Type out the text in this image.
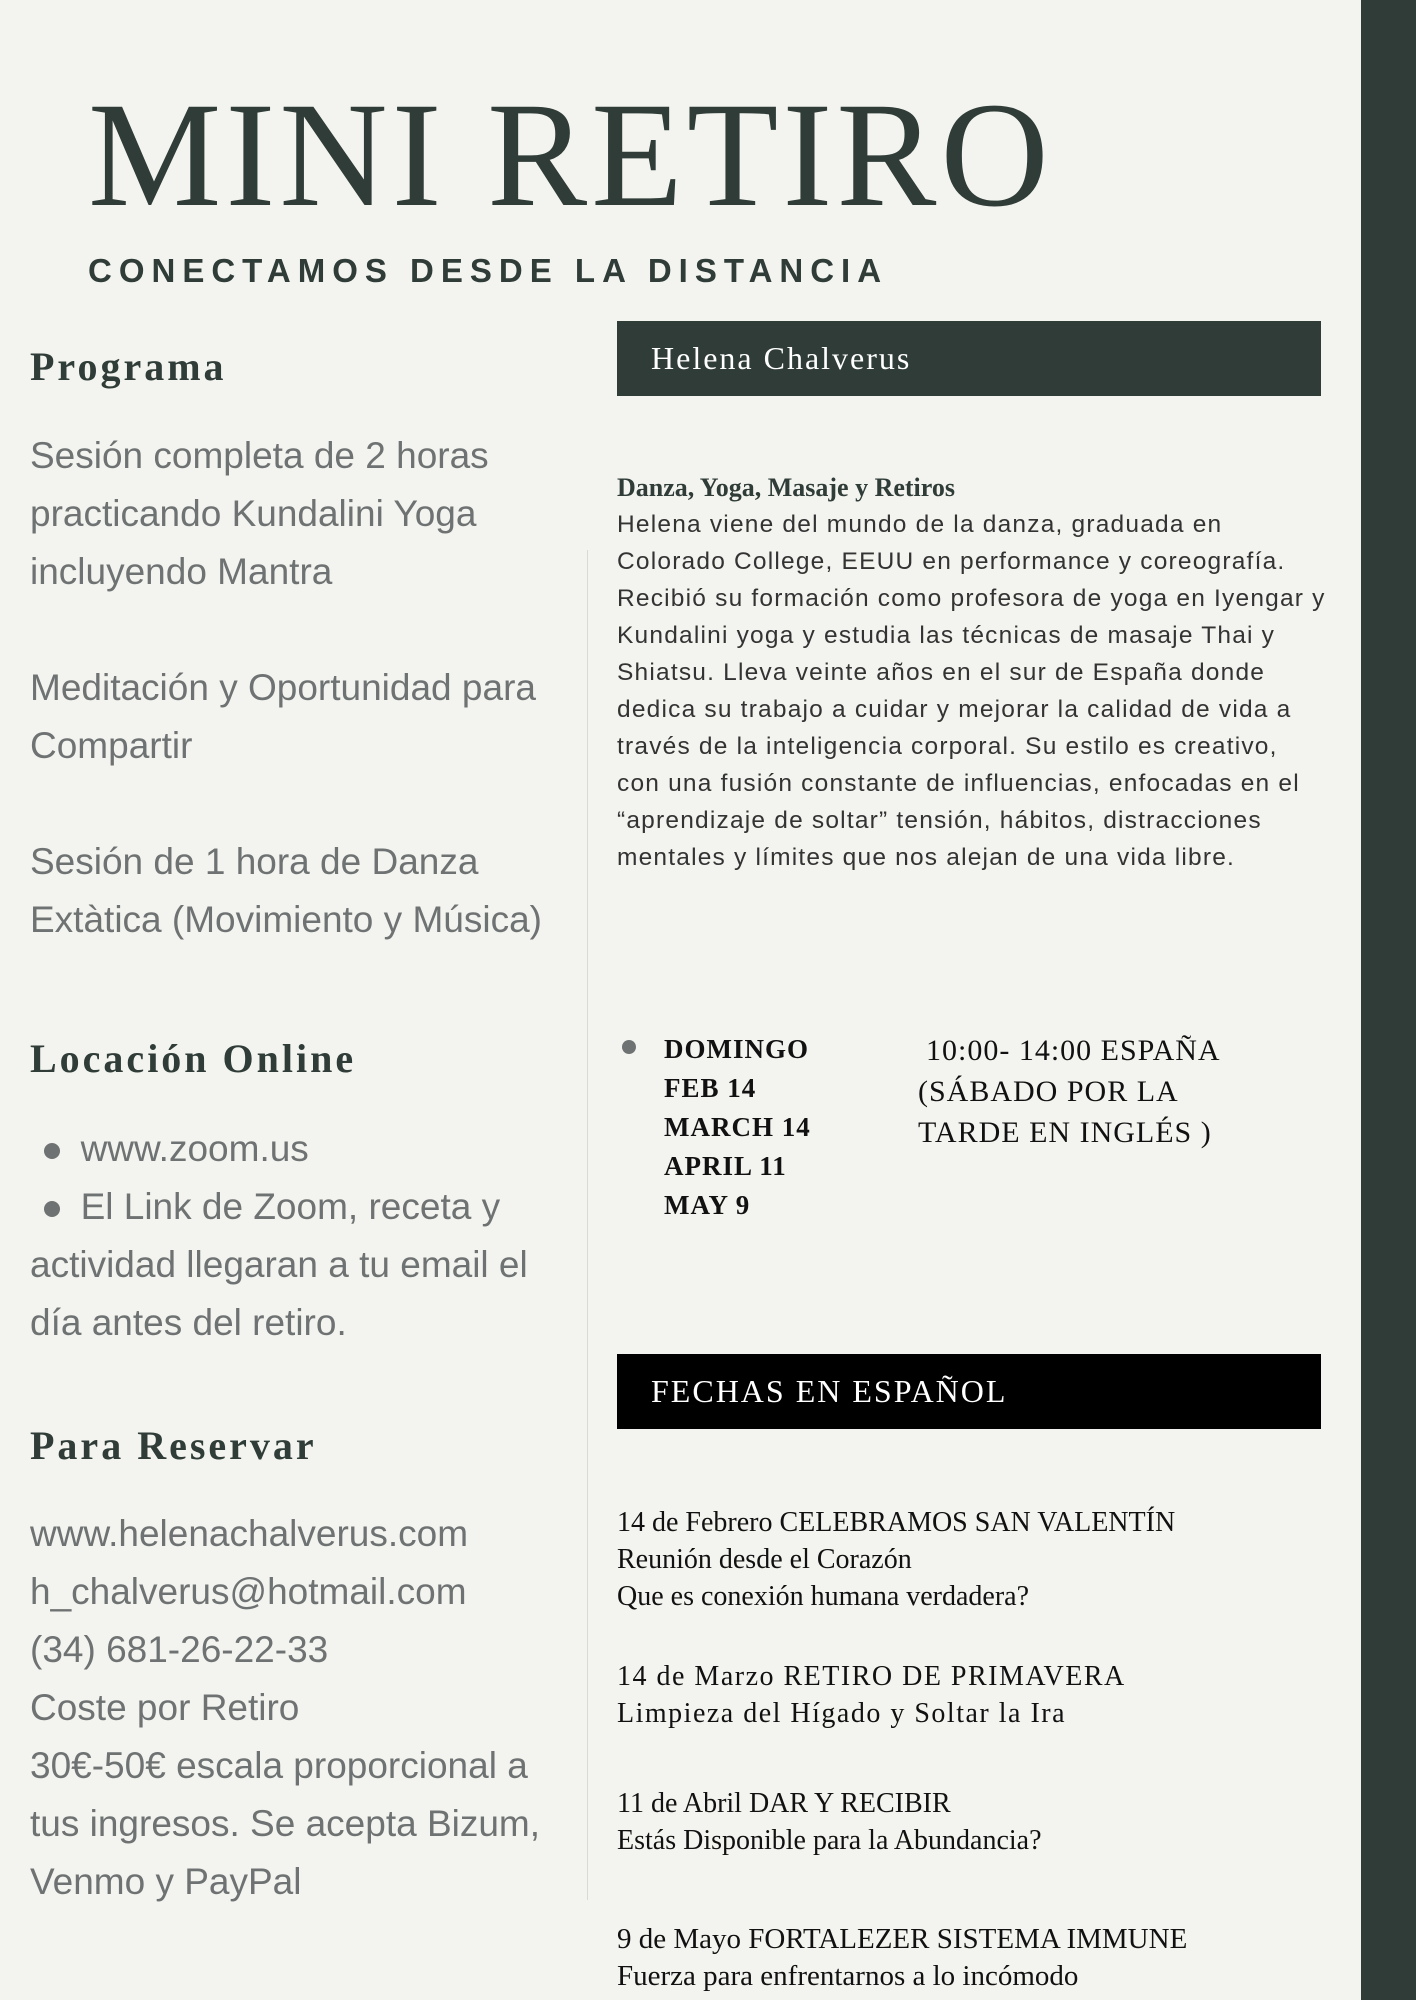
MINI RETIRO
CONECTAMOS DESDE LA DISTANCIA
Programa

Sesión completa de 2 horas practicando Kundalini Yoga incluyendo Mantra

Meditación y Oportunidad para Compartir

Sesión de 1 hora de Danza Extàtica (Movimiento y Música)

Locación Online

www.zoom.us

El Link de Zoom, receta y actividad llegaran a tu email el día antes del retiro.

Para Reservar

www.helenachalverus.com

h_chalverus@hotmail.com

(34) 681-26-22-33

Coste por Retiro

30€-50€ escala proporcional a tus ingresos. Se acepta Bizum, Venmo y PayPal

Helena Chalverus

Danza, Yoga, Masaje y Retiros

Helena viene del mundo de la danza, graduada en Colorado College, EEUU en performance y coreografía. Recibió su formación como profesora de yoga en Iyengar y Kundalini yoga y estudia las técnicas de masaje Thai y Shiatsu. Lleva veinte años en el sur de España donde dedica su trabajo a cuidar y mejorar la calidad de vida a través de la inteligencia corporal. Su estilo es creativo, con una fusión constante de influencias, enfocadas en el “aprendizaje de soltar” tensión, hábitos, distracciones mentales y límites que nos alejan de una vida libre.

DOMINGO
FEB 14
MARCH 14
APRIL 11
MAY 9
10:00- 14:00 ESPAÑA
(SÁBADO POR LA TARDE EN INGLÉS )
FECHAS EN ESPAÑOL
14 de Febrero CELEBRAMOS SAN VALENTÍN
Reunión desde el Corazón
Que es conexión humana verdadera?
14 de Marzo RETIRO DE PRIMAVERA
Limpieza del Hígado y Soltar la Ira
11 de Abril DAR Y RECIBIR
Estás Disponible para la Abundancia?
9 de Mayo FORTALEZER SISTEMA IMMUNE
Fuerza para enfrentarnos a lo incómodo
